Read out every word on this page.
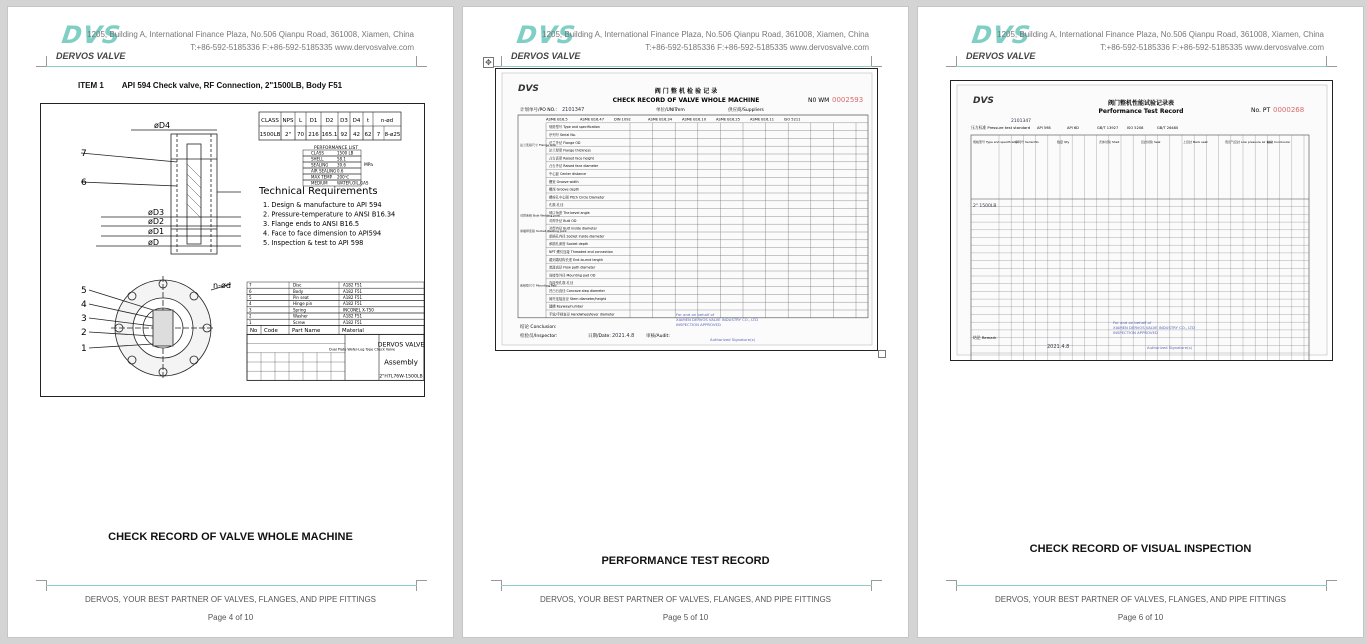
DVS
DERVOS VALVE
1205, Building A, International Finance Plaza, No.506 Qianpu Road, 361008, Xiamen, China
T:+86-592-5185336 F:+86-592-5185335 www.dervosvalve.com
ITEM 1 API 594 Check valve, RF Connection, 2"1500LB, Body F51
øD4
øD3
øD2
øD1
øD
7
6
5
4
3
2
1
n-ød
CLASS NPS L D1 D2 D3 D4 t n-ød
1500LB 2" 70 216 165.1 92 42 62 7 8-ø25
PERFORMANCE LIST
CLASS	1500 LB
SHELL	58.1
SEALING 39.6
AIR SEALING 0.6
MAX TEMP 200℃
MEDIUM WATER,OIL,GAS
MPa
Technical Requirements
1. Design & manufacture to API 594
2. Pressure-temperature to ANSI B16.34
3. Flange ends to ANSI B16.5
4. Face to face dimension to API594
5. Inspection & test to API 598
7	Disc	A182 F51
6	Body	A182 F51
5	Pin seat	A182 F51
4	Hinge pin	A182 F51
3	Spring	INCONEL X-750
2	Washer	A182 F51
1	Screw	A182 F51
No Code	Part Name	Material
DERVOS VALVE
Dual Plate Wafer-Lug Type Check Valve
Assembly
2"H7L76W-1500LB
CHECK RECORD OF VALVE WHOLE MACHINE
DERVOS, YOUR BEST PARTNER OF VALVES, FLANGES, AND PIPE FITTINGS
Page 4 of 10
DVS
DERVOS VALVE
1205, Building A, International Finance Plaza, No.506 Qianpu Road, 361008, Xiamen, China
T:+86-592-5185336 F:+86-592-5185335 www.dervosvalve.com
✥
DVS	阀 门 整 机 检 验 记 录
CHECK RECORD OF VALVE WHOLE MACHINE	N0 WM 0002593
计划单号/PO NO.: 2101347	单位/UNIT
mm	供应商/Suppliers
ASME B16.5	ASME B16.47	DIN 1092	ASME B16.34	ASME B16.10	ASME B16.25	ASME B16.11	ISO 5211
规格型号 Type and specification
序列号 Serial No.
法兰外径 Flange OD
法兰厚度 Flange thickness
凸台高度 Raised face height
凸台外径 Raised face diameter
中心距 Center distance
槽宽 Groove width
槽深 Groove depth
螺栓孔中心圆 Pitch Circle Diameter
孔数-孔径
坡口角度 The bevel angle
对焊外径 Butt OD
对焊内径 Butt inside diameter
承插孔内径 Socket inside diameter
承插孔深度 Socket depth
NPT 螺纹连接 Threaded end connection
端到端结构长度 End-to-end length
流道直径 Flow path diameter
连接垫外径 Mounting pad OD
连接垫孔数-孔径
凹凸台直径 Concave step diameter
阀杆连接直径 Stem diameter/height
键槽 Keyway/number
手轮/手柄直径 Handwheel/lever diameter
法兰连接尺寸 Flange size
对焊连接 Butt Welding Joint
承插焊连接 Socket Welding Joint
连接垫尺寸 Mounting Pad
结论 Conclusion:
检验员/Inspector:	日期/Date: 2021.4.8	审核/Audit:
For and on behalf of
XIAMEN DERVOS VALVE INDUSTRY CO., LTD
INSPECTION APPROVED
Authorized Signature(s)
PERFORMANCE TEST RECORD
DERVOS, YOUR BEST PARTNER OF VALVES, FLANGES, AND PIPE FITTINGS
Page 5 of 10
DVS
DERVOS VALVE
1205, Building A, International Finance Plaza, No.506 Qianpu Road, 361008, Xiamen, China
T:+86-592-5185336 F:+86-592-5185335 www.dervosvalve.com
DVS	阀门整机性能试验记录表
Performance Test Record	No. PT 0000268
2101347
压力标准 Pressure test standard API 598	API 6D	GB/T 13927 ISO 5208	GB/T 26480
规格型号 Type and specification
序列号 Serial No.	数量 Qty	壳体试验 Shell	密封试验 Seal	上密封 Back seat	低压气密封 Low pressure air seal
结论 Conclusion
2" 1500LB
结论 Remark
2021.4.8
For and on behalf of
XIAMEN DERVOS VALVE INDUSTRY CO., LTD
INSPECTION APPROVED
Authorized Signature(s)
CHECK RECORD OF VISUAL INSPECTION
DERVOS, YOUR BEST PARTNER OF VALVES, FLANGES, AND PIPE FITTINGS
Page 6 of 10
